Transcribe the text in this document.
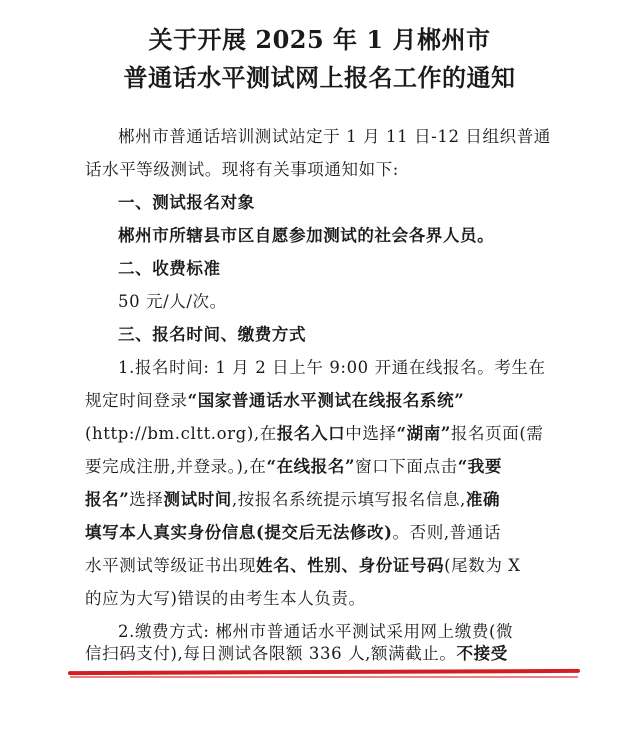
关于开展 2025 年 1 月郴州市
普通话水平测试网上报名工作的通知
郴州市普通话培训测试站定于 1 月 11 日-12 日组织普通
话水平等级测试。现将有关事项通知如下:
一、测试报名对象
郴州市所辖县市区自愿参加测试的社会各界人员。
二、收费标准
50 元/人/次。
三、报名时间、缴费方式
1.报名时间: 1 月 2 日上午 9:00 开通在线报名。考生在
规定时间登录“国家普通话水平测试在线报名系统”
(http://bm.cltt.org),在报名入口中选择“湖南”报名页面(需
要完成注册,并登录。),在“在线报名”窗口下面点击“我要
报名”选择测试时间,按报名系统提示填写报名信息,准确
填写本人真实身份信息(提交后无法修改)。否则,普通话
水平测试等级证书出现姓名、性别、身份证号码(尾数为 X
的应为大写)错误的由考生本人负责。
2.缴费方式: 郴州市普通话水平测试采用网上缴费(微
信扫码支付),每日测试各限额 336 人,额满截止。不接受
